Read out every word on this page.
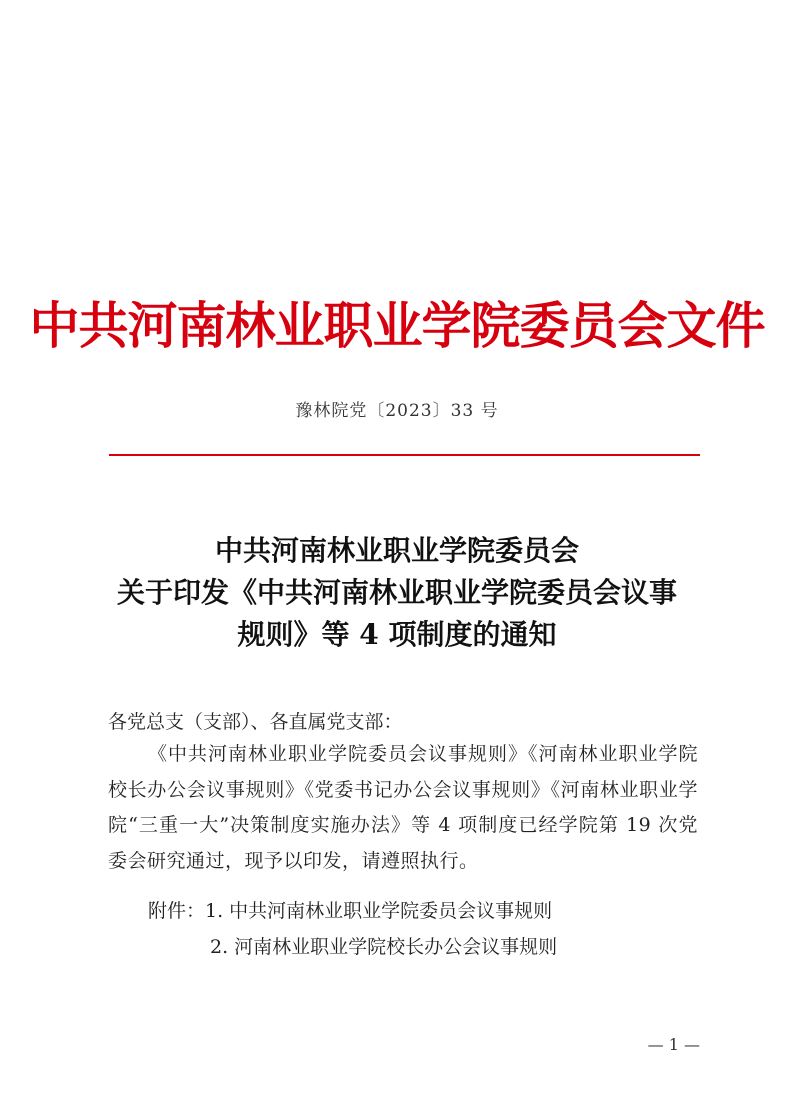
中共河南林业职业学院委员会文件
豫林院党〔2023〕33 号
中共河南林业职业学院委员会
关于印发《中共河南林业职业学院委员会议事
规则》等 4 项制度的通知
各党总支（支部）、各直属党支部：
《中共河南林业职业学院委员会议事规则》《河南林业职业学院校长办公会议事规则》《党委书记办公会议事规则》《河南林业职业学院“三重一大”决策制度实施办法》等 4 项制度已经学院第 19 次党委会研究通过，现予以印发，请遵照执行。
附件：1. 中共河南林业职业学院委员会议事规则
2. 河南林业职业学院校长办公会议事规则
— 1 —
